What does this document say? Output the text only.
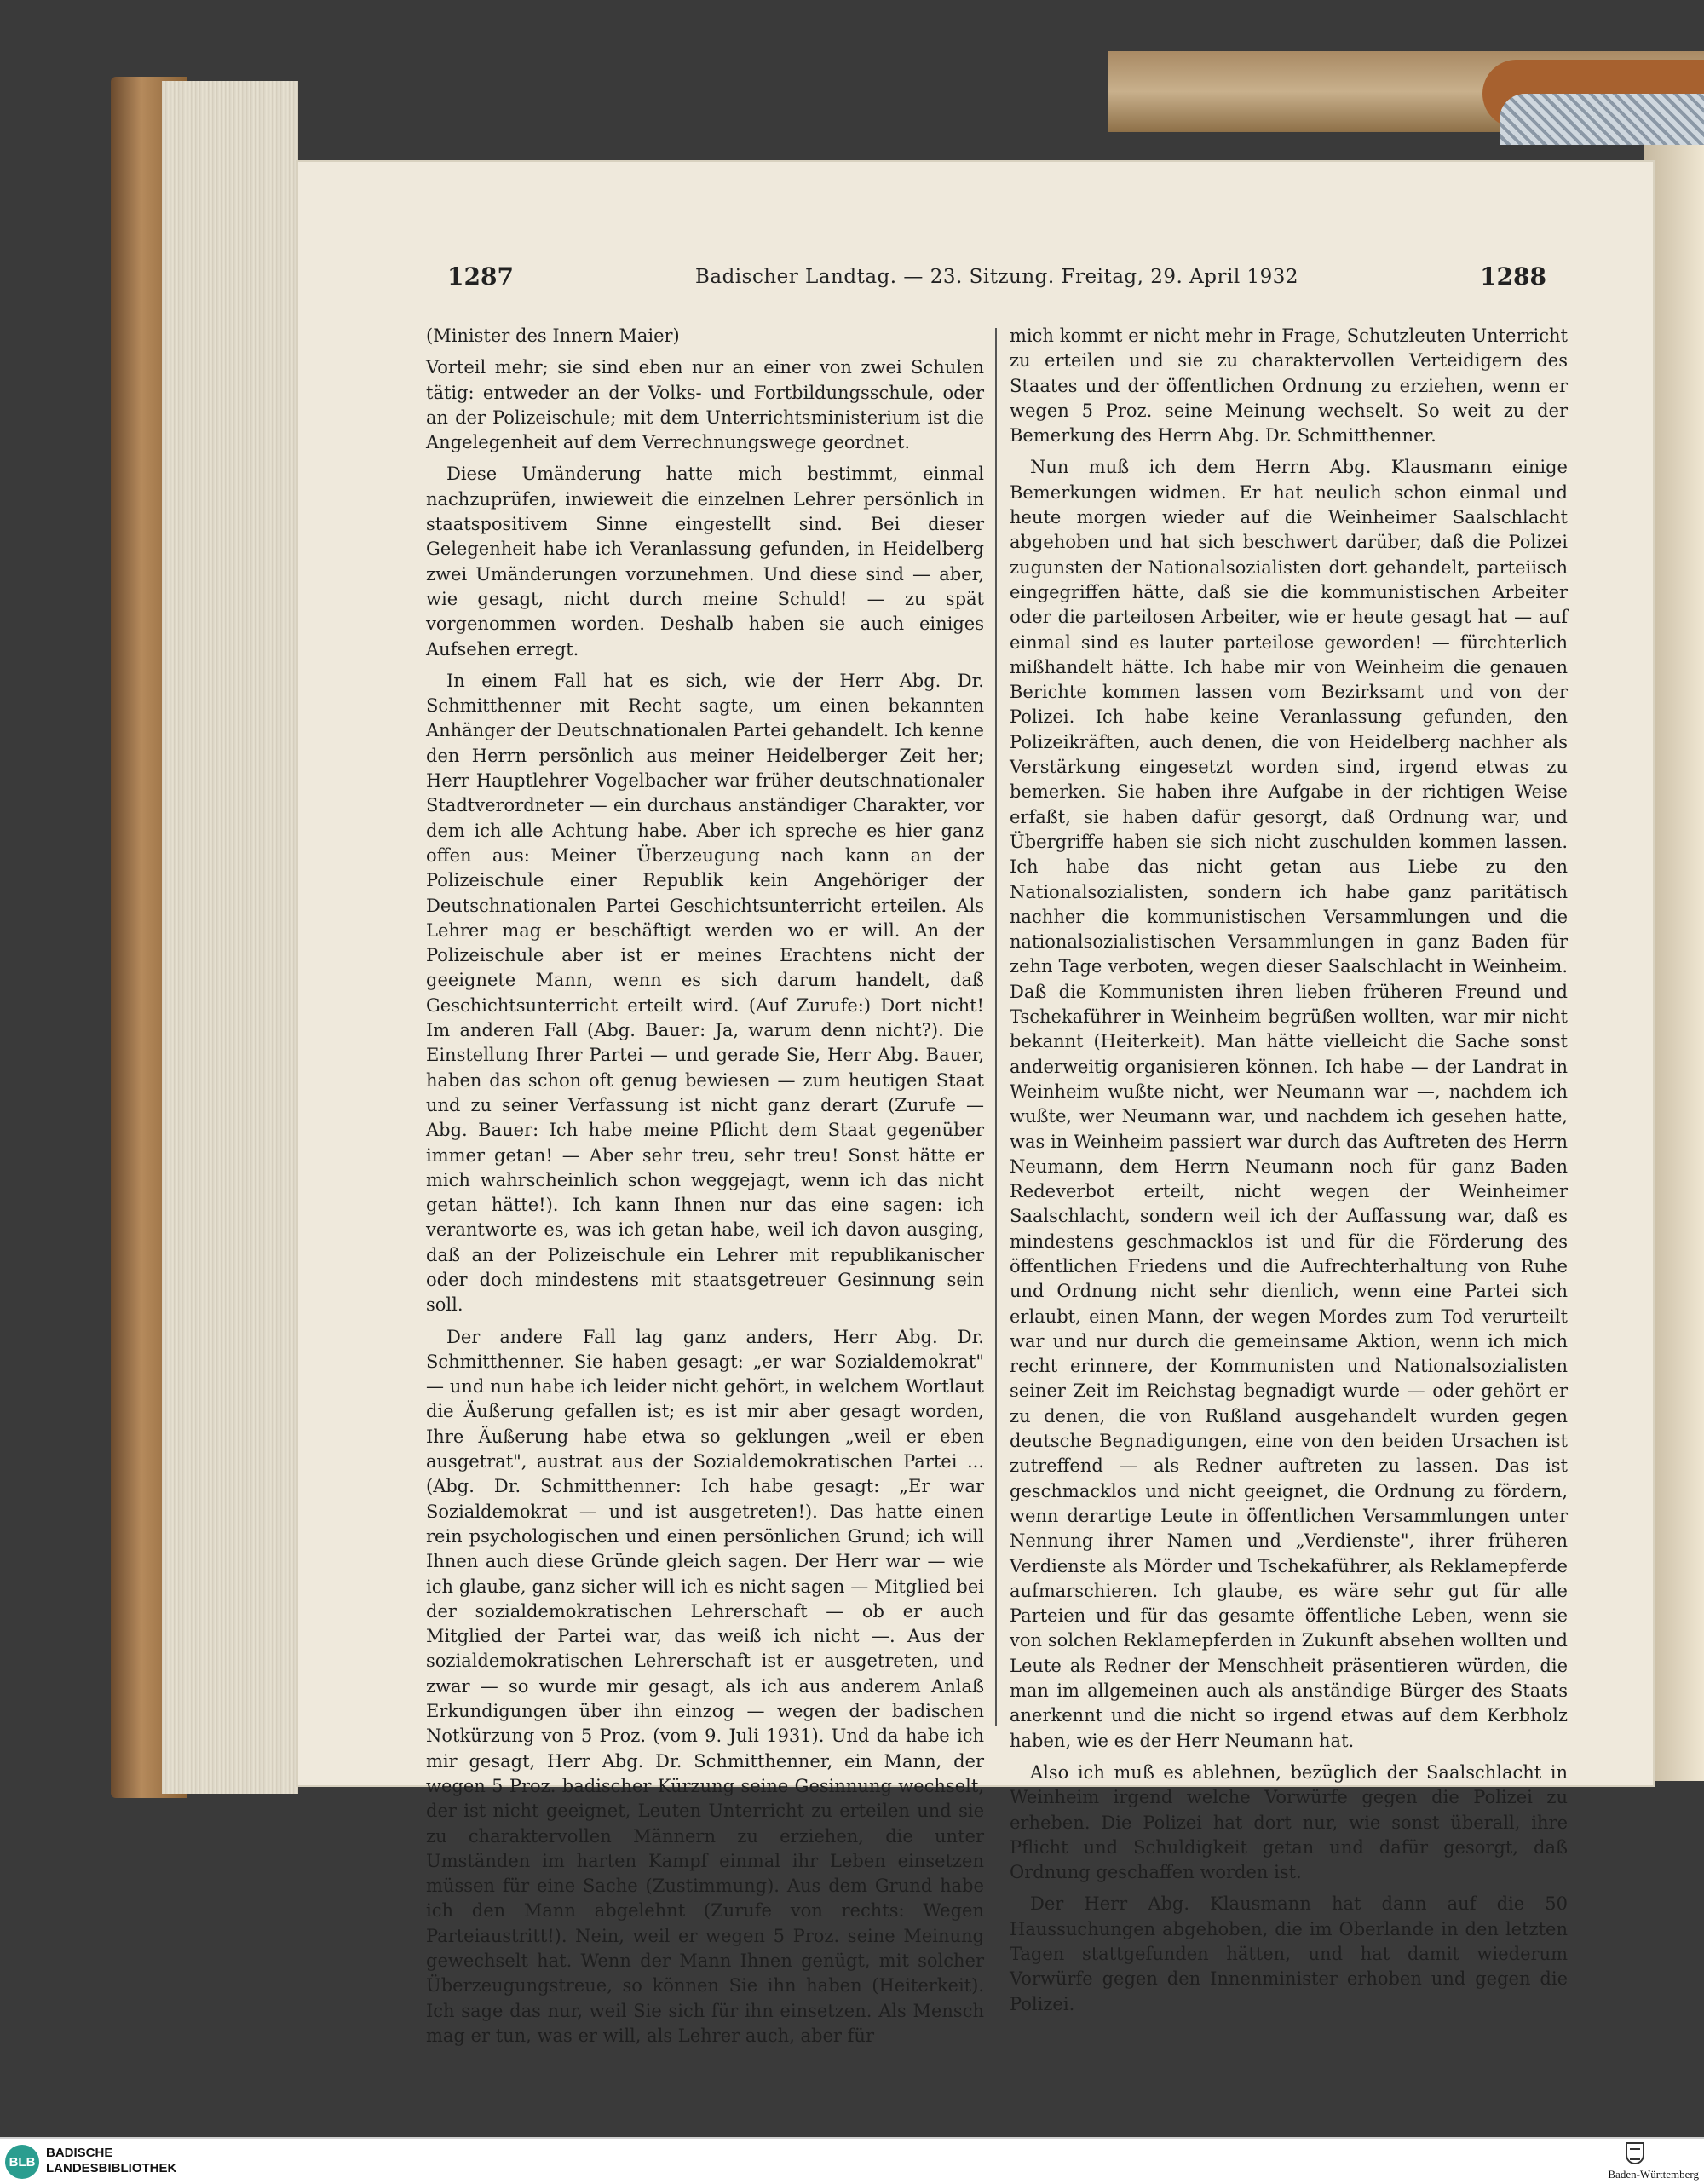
1287	Badischer Landtag. — 23. Sitzung. Freitag, 29. April 1932	1288

(Minister des Innern Maier)

Vorteil mehr; sie sind eben nur an einer von zwei Schulen tätig: entweder an der Volks- und Fortbildungsschule, oder an der Polizeischule; mit dem Unterrichtsministerium ist die Angelegenheit auf dem Verrechnungswege geordnet.

Diese Umänderung hatte mich bestimmt, einmal nachzuprüfen, inwieweit die einzelnen Lehrer persönlich in staatspositivem Sinne eingestellt sind. Bei dieser Gelegenheit habe ich Veranlassung gefunden, in Heidelberg zwei Umänderungen vorzunehmen. Und diese sind — aber, wie gesagt, nicht durch meine Schuld! — zu spät vorgenommen worden. Deshalb haben sie auch einiges Aufsehen erregt.

In einem Fall hat es sich, wie der Herr Abg. Dr. Schmitthenner mit Recht sagte, um einen bekannten Anhänger der Deutschnationalen Partei gehandelt. Ich kenne den Herrn persönlich aus meiner Heidelberger Zeit her; Herr Hauptlehrer Vogelbacher war früher deutschnationaler Stadtverordneter — ein durchaus anständiger Charakter, vor dem ich alle Achtung habe. Aber ich spreche es hier ganz offen aus: Meiner Überzeugung nach kann an der Polizeischule einer Republik kein Angehöriger der Deutschnationalen Partei Geschichtsunterricht erteilen. Als Lehrer mag er beschäftigt werden wo er will. An der Polizeischule aber ist er meines Erachtens nicht der geeignete Mann, wenn es sich darum handelt, daß Geschichtsunterricht erteilt wird. (Auf Zurufe:) Dort nicht! Im anderen Fall (Abg. Bauer: Ja, warum denn nicht?). Die Einstellung Ihrer Partei — und gerade Sie, Herr Abg. Bauer, haben das schon oft genug bewiesen — zum heutigen Staat und zu seiner Verfassung ist nicht ganz derart (Zurufe — Abg. Bauer: Ich habe meine Pflicht dem Staat gegenüber immer getan! — Aber sehr treu, sehr treu! Sonst hätte er mich wahrscheinlich schon weggejagt, wenn ich das nicht getan hätte!). Ich kann Ihnen nur das eine sagen: ich verantworte es, was ich getan habe, weil ich davon ausging, daß an der Polizeischule ein Lehrer mit republikanischer oder doch mindestens mit staatsgetreuer Gesinnung sein soll.

Der andere Fall lag ganz anders, Herr Abg. Dr. Schmitthenner. Sie haben gesagt: „er war Sozialdemokrat" — und nun habe ich leider nicht gehört, in welchem Wortlaut die Äußerung gefallen ist; es ist mir aber gesagt worden, Ihre Äußerung habe etwa so geklungen „weil er eben ausgetrat", austrat aus der Sozialdemokratischen Partei ... (Abg. Dr. Schmitthenner: Ich habe gesagt: „Er war Sozialdemokrat — und ist ausgetreten!). Das hatte einen rein psychologischen und einen persönlichen Grund; ich will Ihnen auch diese Gründe gleich sagen. Der Herr war — wie ich glaube, ganz sicher will ich es nicht sagen — Mitglied bei der sozialdemokratischen Lehrerschaft — ob er auch Mitglied der Partei war, das weiß ich nicht —. Aus der sozialdemokratischen Lehrerschaft ist er ausgetreten, und zwar — so wurde mir gesagt, als ich aus anderem Anlaß Erkundigungen über ihn einzog — wegen der badischen Notkürzung von 5 Proz. (vom 9. Juli 1931). Und da habe ich mir gesagt, Herr Abg. Dr. Schmitthenner, ein Mann, der wegen 5 Proz. badischer Kürzung seine Gesinnung wechselt, der ist nicht geeignet, Leuten Unterricht zu erteilen und sie zu charaktervollen Männern zu erziehen, die unter Umständen im harten Kampf einmal ihr Leben einsetzen müssen für eine Sache (Zustimmung). Aus dem Grund habe ich den Mann abgelehnt (Zurufe von rechts: Wegen Parteiaustritt!). Nein, weil er wegen 5 Proz. seine Meinung gewechselt hat. Wenn der Mann Ihnen genügt, mit solcher Überzeugungstreue, so können Sie ihn haben (Heiterkeit). Ich sage das nur, weil Sie sich für ihn einsetzen. Als Mensch mag er tun, was er will, als Lehrer auch, aber für

mich kommt er nicht mehr in Frage, Schutzleuten Unterricht zu erteilen und sie zu charaktervollen Verteidigern des Staates und der öffentlichen Ordnung zu erziehen, wenn er wegen 5 Proz. seine Meinung wechselt. So weit zu der Bemerkung des Herrn Abg. Dr. Schmitthenner.

Nun muß ich dem Herrn Abg. Klausmann einige Bemerkungen widmen. Er hat neulich schon einmal und heute morgen wieder auf die Weinheimer Saalschlacht abgehoben und hat sich beschwert darüber, daß die Polizei zugunsten der Nationalsozialisten dort gehandelt, parteiisch eingegriffen hätte, daß sie die kommunistischen Arbeiter oder die parteilosen Arbeiter, wie er heute gesagt hat — auf einmal sind es lauter parteilose geworden! — fürchterlich mißhandelt hätte. Ich habe mir von Weinheim die genauen Berichte kommen lassen vom Bezirksamt und von der Polizei. Ich habe keine Veranlassung gefunden, den Polizeikräften, auch denen, die von Heidelberg nachher als Verstärkung eingesetzt worden sind, irgend etwas zu bemerken. Sie haben ihre Aufgabe in der richtigen Weise erfaßt, sie haben dafür gesorgt, daß Ordnung war, und Übergriffe haben sie sich nicht zuschulden kommen lassen. Ich habe das nicht getan aus Liebe zu den Nationalsozialisten, sondern ich habe ganz paritätisch nachher die kommunistischen Versammlungen und die nationalsozialistischen Versammlungen in ganz Baden für zehn Tage verboten, wegen dieser Saalschlacht in Weinheim. Daß die Kommunisten ihren lieben früheren Freund und Tschekaführer in Weinheim begrüßen wollten, war mir nicht bekannt (Heiterkeit). Man hätte vielleicht die Sache sonst anderweitig organisieren können. Ich habe — der Landrat in Weinheim wußte nicht, wer Neumann war —, nachdem ich wußte, wer Neumann war, und nachdem ich gesehen hatte, was in Weinheim passiert war durch das Auftreten des Herrn Neumann, dem Herrn Neumann noch für ganz Baden Redeverbot erteilt, nicht wegen der Weinheimer Saalschlacht, sondern weil ich der Auffassung war, daß es mindestens geschmacklos ist und für die Förderung des öffentlichen Friedens und die Aufrechterhaltung von Ruhe und Ordnung nicht sehr dienlich, wenn eine Partei sich erlaubt, einen Mann, der wegen Mordes zum Tod verurteilt war und nur durch die gemeinsame Aktion, wenn ich mich recht erinnere, der Kommunisten und Nationalsozialisten seiner Zeit im Reichstag begnadigt wurde — oder gehört er zu denen, die von Rußland ausgehandelt wurden gegen deutsche Begnadigungen, eine von den beiden Ursachen ist zutreffend — als Redner auftreten zu lassen. Das ist geschmacklos und nicht geeignet, die Ordnung zu fördern, wenn derartige Leute in öffentlichen Versammlungen unter Nennung ihrer Namen und „Verdienste", ihrer früheren Verdienste als Mörder und Tschekaführer, als Reklamepferde aufmarschieren. Ich glaube, es wäre sehr gut für alle Parteien und für das gesamte öffentliche Leben, wenn sie von solchen Reklamepferden in Zukunft absehen wollten und Leute als Redner der Menschheit präsentieren würden, die man im allgemeinen auch als anständige Bürger des Staats anerkennt und die nicht so irgend etwas auf dem Kerbholz haben, wie es der Herr Neumann hat.

Also ich muß es ablehnen, bezüglich der Saalschlacht in Weinheim irgend welche Vorwürfe gegen die Polizei zu erheben. Die Polizei hat dort nur, wie sonst überall, ihre Pflicht und Schuldigkeit getan und dafür gesorgt, daß Ordnung geschaffen worden ist.

Der Herr Abg. Klausmann hat dann auf die 50 Haussuchungen abgehoben, die im Oberlande in den letzten Tagen stattgefunden hätten, und hat damit wiederum Vorwürfe gegen den Innenminister erhoben und gegen die Polizei.

BLB
BADISCHE
LANDESBIBLIOTHEK	Baden-Württemberg
